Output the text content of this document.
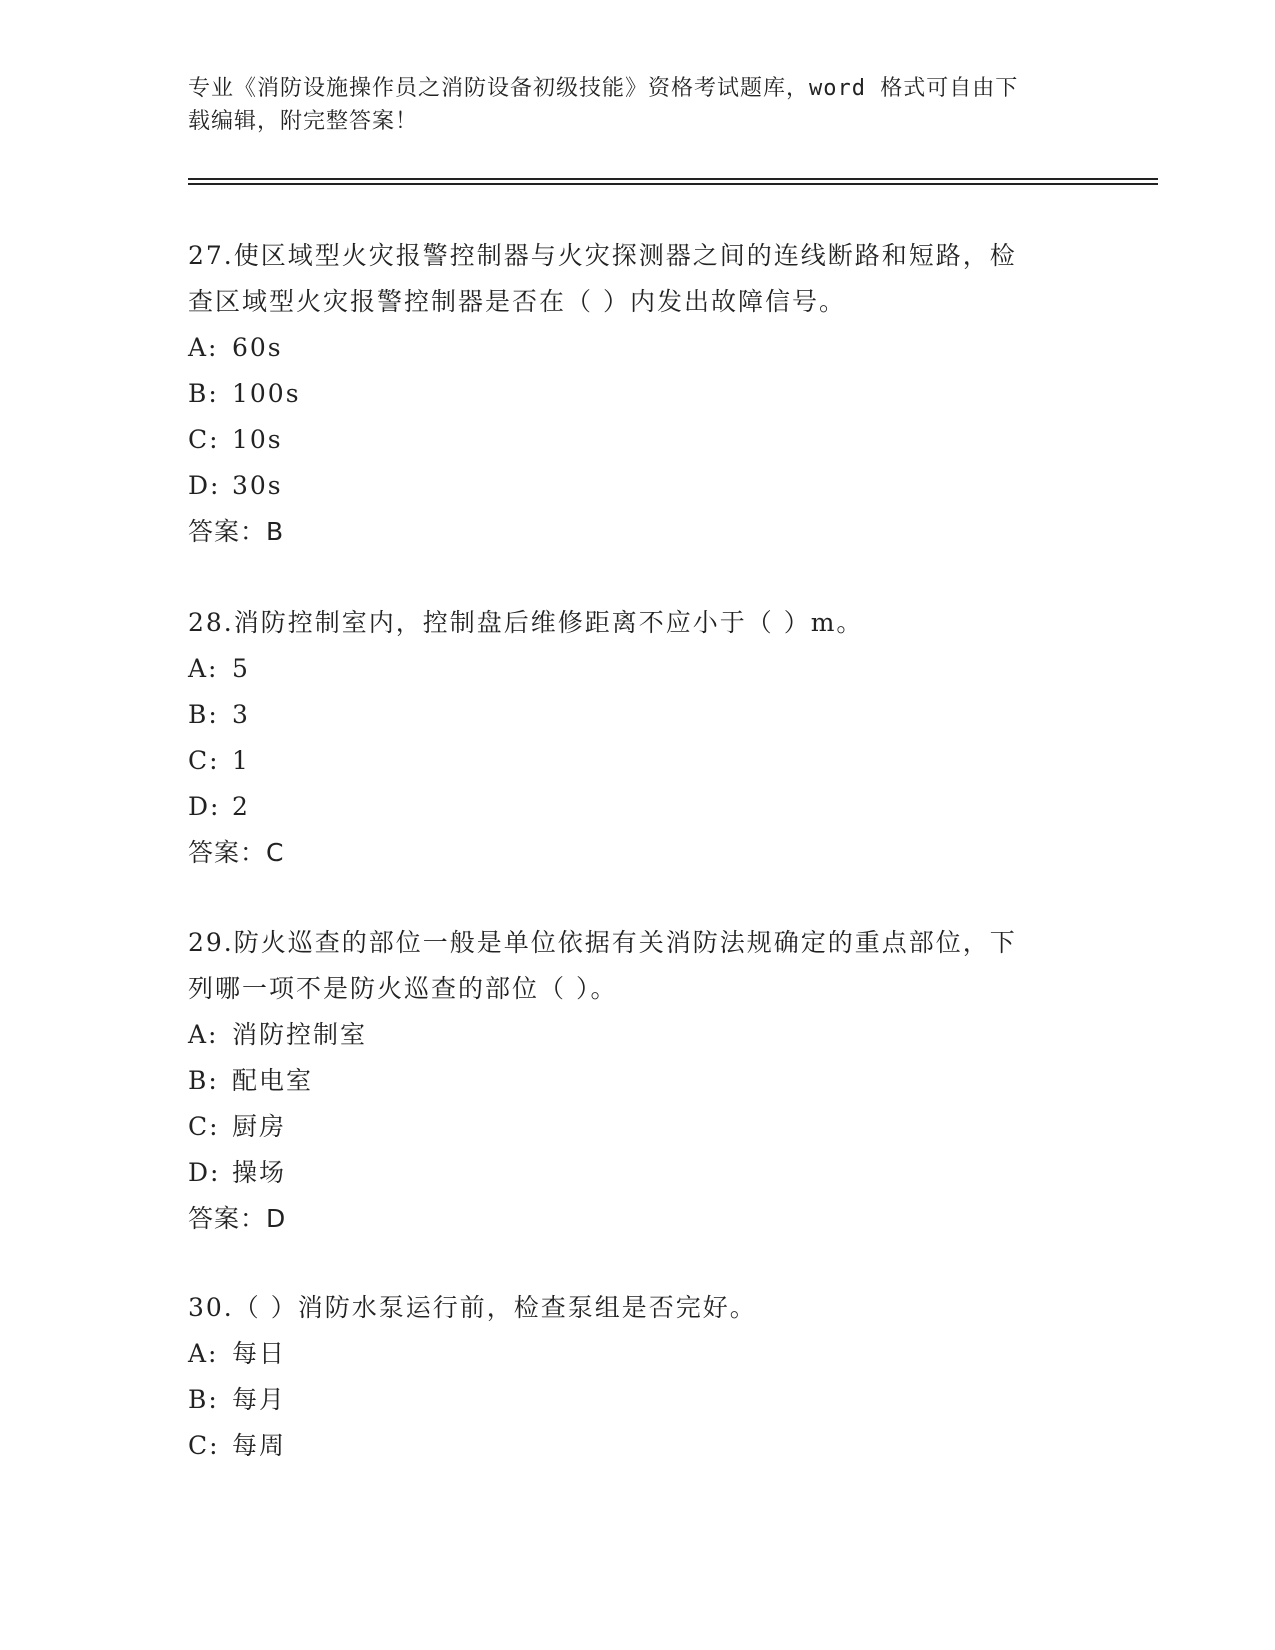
专业《消防设施操作员之消防设备初级技能》资格考试题库，word 格式可自由下
载编辑，附完整答案！
27.使区域型火灾报警控制器与火灾探测器之间的连线断路和短路，检
查区域型火灾报警控制器是否在（ ）内发出故障信号。
A: 60s
B: 100s
C: 10s
D: 30s
答案：B
28.消防控制室内，控制盘后维修距离不应小于（ ）m。
A: 5
B: 3
C: 1
D: 2
答案：C
29.防火巡查的部位一般是单位依据有关消防法规确定的重点部位，下
列哪一项不是防火巡查的部位（ ）。
A: 消防控制室
B: 配电室
C: 厨房
D: 操场
答案：D
30.（ ）消防水泵运行前，检查泵组是否完好。
A: 每日
B: 每月
C: 每周
